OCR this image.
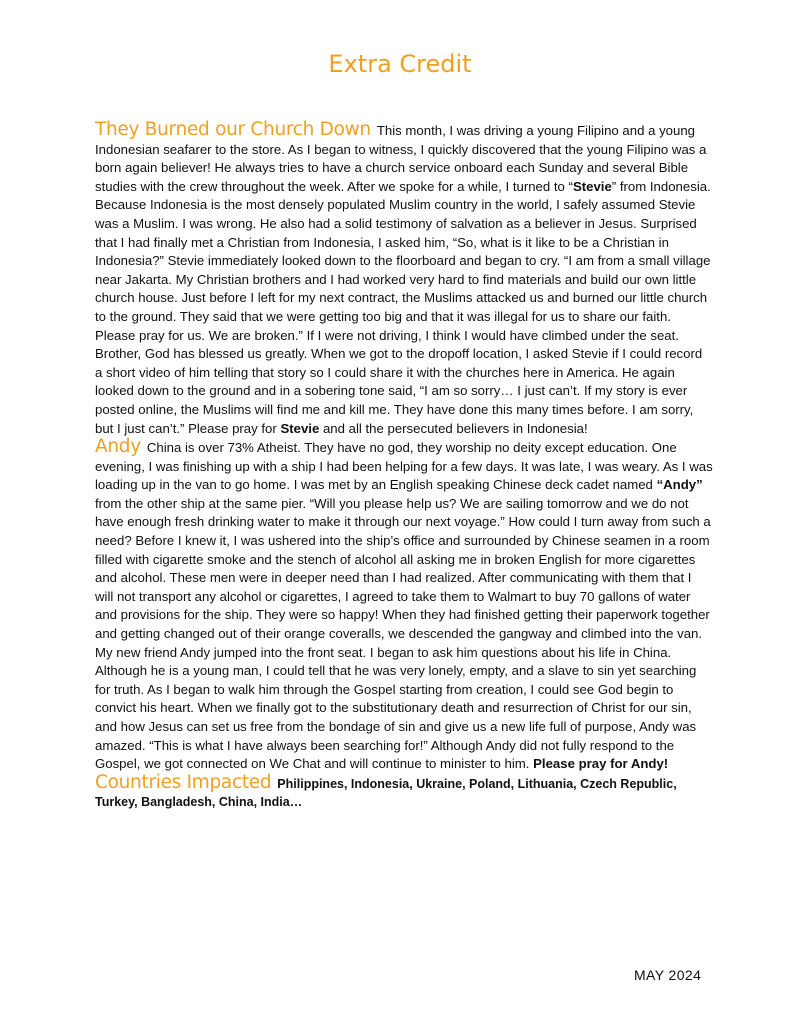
Extra Credit

They Burned our Church Down This month, I was driving a young Filipino and a young Indonesian seafarer to the store. As I began to witness, I quickly discovered that the young Filipino was a born again believer! He always tries to have a church service onboard each Sunday and several Bible studies with the crew throughout the week. After we spoke for a while, I turned to “Stevie” from Indonesia. Because Indonesia is the most densely populated Muslim country in the world, I safely assumed Stevie was a Muslim. I was wrong. He also had a solid testimony of salvation as a believer in Jesus. Surprised that I had finally met a Christian from Indonesia, I asked him, “So, what is it like to be a Christian in Indonesia?” Stevie immediately looked down to the floorboard and began to cry. “I am from a small village near Jakarta. My Christian brothers and I had worked very hard to find materials and build our own little church house. Just before I left for my next contract, the Muslims attacked us and burned our little church to the ground. They said that we were getting too big and that it was illegal for us to share our faith. Please pray for us. We are broken.” If I were not driving, I think I would have climbed under the seat. Brother, God has blessed us greatly. When we got to the dropoff location, I asked Stevie if I could record a short video of him telling that story so I could share it with the churches here in America. He again looked down to the ground and in a sobering tone said, “I am so sorry… I just can’t. If my story is ever posted online, the Muslims will find me and kill me. They have done this many times before. I am sorry, but I just can’t.” Please pray for Stevie and all the persecuted believers in Indonesia!

Andy China is over 73% Atheist. They have no god, they worship no deity except education. One evening, I was finishing up with a ship I had been helping for a few days. It was late, I was weary. As I was loading up in the van to go home. I was met by an English speaking Chinese deck cadet named “Andy” from the other ship at the same pier. “Will you please help us? We are sailing tomorrow and we do not have enough fresh drinking water to make it through our next voyage.” How could I turn away from such a need? Before I knew it, I was ushered into the ship’s office and surrounded by Chinese seamen in a room filled with cigarette smoke and the stench of alcohol all asking me in broken English for more cigarettes and alcohol. These men were in deeper need than I had realized. After communicating with them that I will not transport any alcohol or cigarettes, I agreed to take them to Walmart to buy 70 gallons of water and provisions for the ship. They were so happy! When they had finished getting their paperwork together and getting changed out of their orange coveralls, we descended the gangway and climbed into the van. My new friend Andy jumped into the front seat. I began to ask him questions about his life in China. Although he is a young man, I could tell that he was very lonely, empty, and a slave to sin yet searching for truth. As I began to walk him through the Gospel starting from creation, I could see God begin to convict his heart. When we finally got to the substitutionary death and resurrection of Christ for our sin, and how Jesus can set us free from the bondage of sin and give us a new life full of purpose, Andy was amazed. “This is what I have always been searching for!” Although Andy did not fully respond to the Gospel, we got connected on We Chat and will continue to minister to him. Please pray for Andy!

Countries Impacted Philippines, Indonesia, Ukraine, Poland, Lithuania, Czech Republic, Turkey, Bangladesh, China, India…

MAY 2024
